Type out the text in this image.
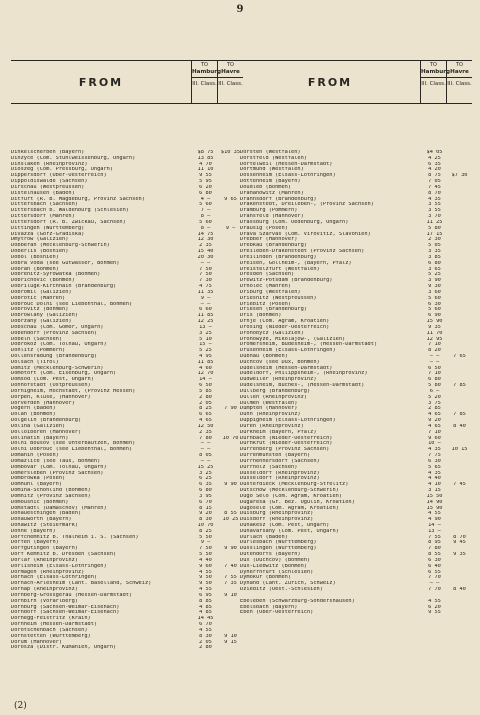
9
FROM
TO
Hamburg
III. Class.
TO
Havre
III. Class.
Dinkelscherben (Bayern)	$8 75	$10 35
Dinzyce (Com. Stuhlweissenburg, Ungarn)	13 85
Dinslaken (Rheinprovinz)	4 70
Diószeg (Com. Pressburg, Ungarn)	11 10
Dippersdorf (Ober-Oesterreich)	9 55
Dippoldiswalde (Sachsen)	5 95
Dirschau (Westpreussen)	6 20
Distelhausen (Baden)	6 80
Ditfurt (R. B. Magdeburg, Provinz Sachsen)	4 —	9 65
Dittersbach (Sachsen)	5 60
Dittersbach b. Waldenburg (Schlesien)	7 —
Dittersdorf (Mähren)	8 —
Dittersdorf (R. B. Zwickau, Sachsen)	5 60
Dittingen (Württemberg)	8 —	9 —
Divazza (Görz-Gradiska)	14 75
Dmytrow (Galizien)	12 30
Dobberan (Mecklenburg-Schwerin)	2 35
Doberlis (Bosnien)	15 40
Dobol (Bosnien)	20 30
Dobra voda (see Gutwasser, Böhmen)	— —
Dobran (Böhmen)	7 50
Dobřenitz-Syrowatka (Böhmen)	7 50
Dobřichovic (Böhmen)	7 30
Dobrilugk-Kirchhain (Brandenburg)	4 75
Dobromil (Galizien)	11 35
Dobrotic (Mähren)	9 —
Dobrouč Dolní (see Liebenthal, Böhmen)	— —
Dobrovitz (Böhmen)	6 60
Dobrowlany (Galizien)	11 85
Dobrzany (Galizien)	12 25
Dobschau (Com. Gömör, Ungarn)	13 —
Dobendorf (Provinz Sachsen)	3 25
Döbeln (Sachsen)	5 10
Döbrököz (Com. Tolnau, Ungarn)	15 —
Döhlitz (Pommern)	5 25
Döllensradung (Brandenburg)	4 95
Dölsach (Tirol)	11 85
Dömitz (Mecklenburg-Schwerin)	4 60
Dömötört (Com. Eisenburg, Ungarn)	12 70
Dömsöd (Com. Pest, Ungarn)	14 —
Dönhofstädt (Ostpreussen)	6 50
Dörnigheim, Hochstadt, (Provinz Hessen)	5 85
Dörpen, Kluse, (Hannover)	2 80
Dörverden (Hannover)	2 05
Dogern (Baden)	8 25	7 90
Dolan (Böhmen)	6 65
Dolgelin (Brandenburg)	4 65
Dolina (Galizien)	12 50
Dolloiberen (Hannover)	2 35
Dolinatin (Bayern)	7 80	10 70
Dolní Bousov (see Unterbautzen, Böhmen)	— —
Dolní Dobrouč (see Liebenthal, Böhmen)	— —
Domanin (Posen)	8 05
Domazlice (see Taus, Böhmen)	— —
Dombovar (Com. Tolnau, Ungarn)	15 25
Domersleben (Provinz Sachsen)	3 25
Dombrowka (Posen)	6 25
Domhühl (Bayern)	6 35	9 90
Domina-Schönlind (Böhmen)	6 80
Domnitz (Provinz Sachsen)	3 95
Domousnic (Böhmen)	6 70
Domstadtl (Damaschov) (Mähren)	8 15
Donaueschingen (Baden)	9 20	8 55
Donauwörth (Bayern)	8 30	10 25
Donawitz (Steiermark)	10 70
Donne (Bayern)	8 25
Dorfchemnitz b. Thalheim i. S. (Sachsen)	5 50
Dorfen (Bayern)	9 —
Dorfgütingen (Bayern)	7 50	9 90
Dorf Kemnitz b. Dresden (Sachsen)	5 50
Dorlar (Rheinprovinz)	4 40
Dorlisheim (Elsass-Lothringen)	9 60	7 40
Dormagen (Rheinprovinz)	4 55
Dornach (Elsass-Lothringen)	9 50	7 55
Dornach-Arlesheim (Cant. Baselland, Schweiz)	9 50	7 35
Dornap (Rheinprovinz)	4 55
Dornberg-Grossgerau (Hessen-Darmstadt)	6 95	9 10
Dornbirn (Vorarlberg)	8 85
Dornburg (Sachsen-Weimar-Eisenach)	4 85
Dorndorf (Sachsen-Weimar-Eisenach)	4 85
Dornegg-Feistritz (Krain)	14 45
Dornheim (Hessen-Darmstadt)	6 70
Dorotschenbach (Sachsen)	4 55
Dornstetten (Württemberg)	8 30	9 10
Dorum (Hannover)	2 05	9 15
Dorosza (Distr. Kumanien, Ungarn)	2 80
FROM
TO
Hamburg
III. Class.
TO
Havre
III. Class.
Dorsten (Westfalen)	$4 05
Dorstfeld (Westfalen)	4 25
Dortelweil (Hessen-Darmstadt)	6 35
Dortmund (Westfalen)	4 20
Dossenheim (Elsass-Lothringen)	8 75	$7 30
Dottenheim (Bayern)	7 05
Doudleb (Böhmen)	7 45
Drahanowitz (Mähren)	8 70
Drahnsdorf (Brandenburg)	4 35
Drakenstedt, Dreileben-, (Provinz Sachsen)	3 55
Dramburg (Pommern)	3 55
Dransfeld (Hannover)	3 70
Drassburg (Com. Oedenburg, Ungarn)	11 25
Drausig (Posen)	5 80
Drava Szarvas (Com. Virovitiz, Slavonien)	17 15
Drebber (Hannover)	2 30
Drebkau (Brandenburg)	5 05
Dreileben-Drakenstedt (Provinz Sachsen)	3 35
Dreilinden (Brandenburg)	3 85
Dreisen, Göllheim-, (Bayern, Pfalz)	6 80
Dreistelzfurt (Westfalen)	3 65
Dresden (Sachsen)	5 25
Drewitz-Potsdam (Brandenburg)	3 90
Drholec (Mähren)	9 30
Driburg (Westfalen)	3 60
Driesnitz (Westpreussen)	5 60
Driebitz (Posen)	6 30
Driesen (Brandenburg)	5 60
Dřis (Böhmen)	6 90
Drnje (Com. Agram, Kroatien)	15 90
Drösing (Nieder-Oesterreich)	9 35
Drohobycz (Galizien)	11 70
Drohowyze, Mikolajów-, (Galizien)	12 95
Dromersheim, Büdesheim-, (Hessen-Darmstadt)	7 10
Drusenheim (Elsass-Lothringen)	8 20
Dubnau (Böhmen)	— —	7 65
Duchcov (see Dux, Böhmen)	— —
Dudelsheim (Hessen-Darmstadt)	6 50
Dudeldorf, Philippsheim-, (Rheinprovinz)	7 10
Dudweiler (Rheinprovinz)	6 80
Düdelsheim, Büches-, (Hessen-Darmstadt)	5 80	7 85
Düllberg (Brandenburg)	6 —
Düllen (Rheinprovinz)	5 20
Dülmen (Westfalen)	3 75
Dümpten (Hannover)	2 85
Dünn (Rheinprovinz)	4 65	7 85
Düppigheim (Elsass-Lothringen)	9 20
Düren (Rheinprovinz)	4 65	8 40
Dürkheim (Bayern, Pfalz)	7 10
Dürnbach (Nieder-Oesterreich)	9 60
Dürnkrut (Nieder-Oesterreich)	10 —
Dürrenberg (Provinz Sachsen)	4 35	10 15
Dürrenmünsten (Bayern)	7 75
Dürrhennersdorf (Sachsen)	6 30
Dürrholz (Sachsen)	5 65
Düsseldorf (Rheinprovinz)	4 35
Düsseldorf (Rheinprovinz)	4 40
Düsterdieck (Mecklenburg-Strelitz)	4 10	7 45
Dütschow (Mecklenburg-Schwerin)	3 15
Dugo Selo (Com. Agram, Kroatien)	15 50
Dugaresa (Gr. Bez. Ogulin, Kroatien)	14 90
Dugosele (Com. Agram, Kroatien)	15 90
Duisburg (Rheinprovinz)	4 55
Duisdorf (Rheinprovinz)	4 90
Dunakesz (Com. Pest, Ungarn)	14 —
Dunavarsány (Com. Pest, Ungarn)	13 —
Durlach (Baden)	7 55	8 70
Durlesbach (Württemberg)	8 95	9 45
Dusslingen (Württemberg)	7 80
Dutendorfs (Bayern)	8 55	9 35
Dux (Duchcov) (Böhmen)	6 30
Dux-Liebwitz (Böhmen)	6 40
Dyherrnfurt (Schlesien)	6 55
Dymokur (Böhmen)	7 70
Dyhand (Cant. Zürich, Schweiz)	— —
Dzieditz (Oest.-Schlesien)	7 70	8 40
Ebeleben (Schwarzburg-Sondershausen)	4 55
Ebelsbach (Bayern)	6 20
Eben (Ober-Oesterreich)	9 55
(2)
